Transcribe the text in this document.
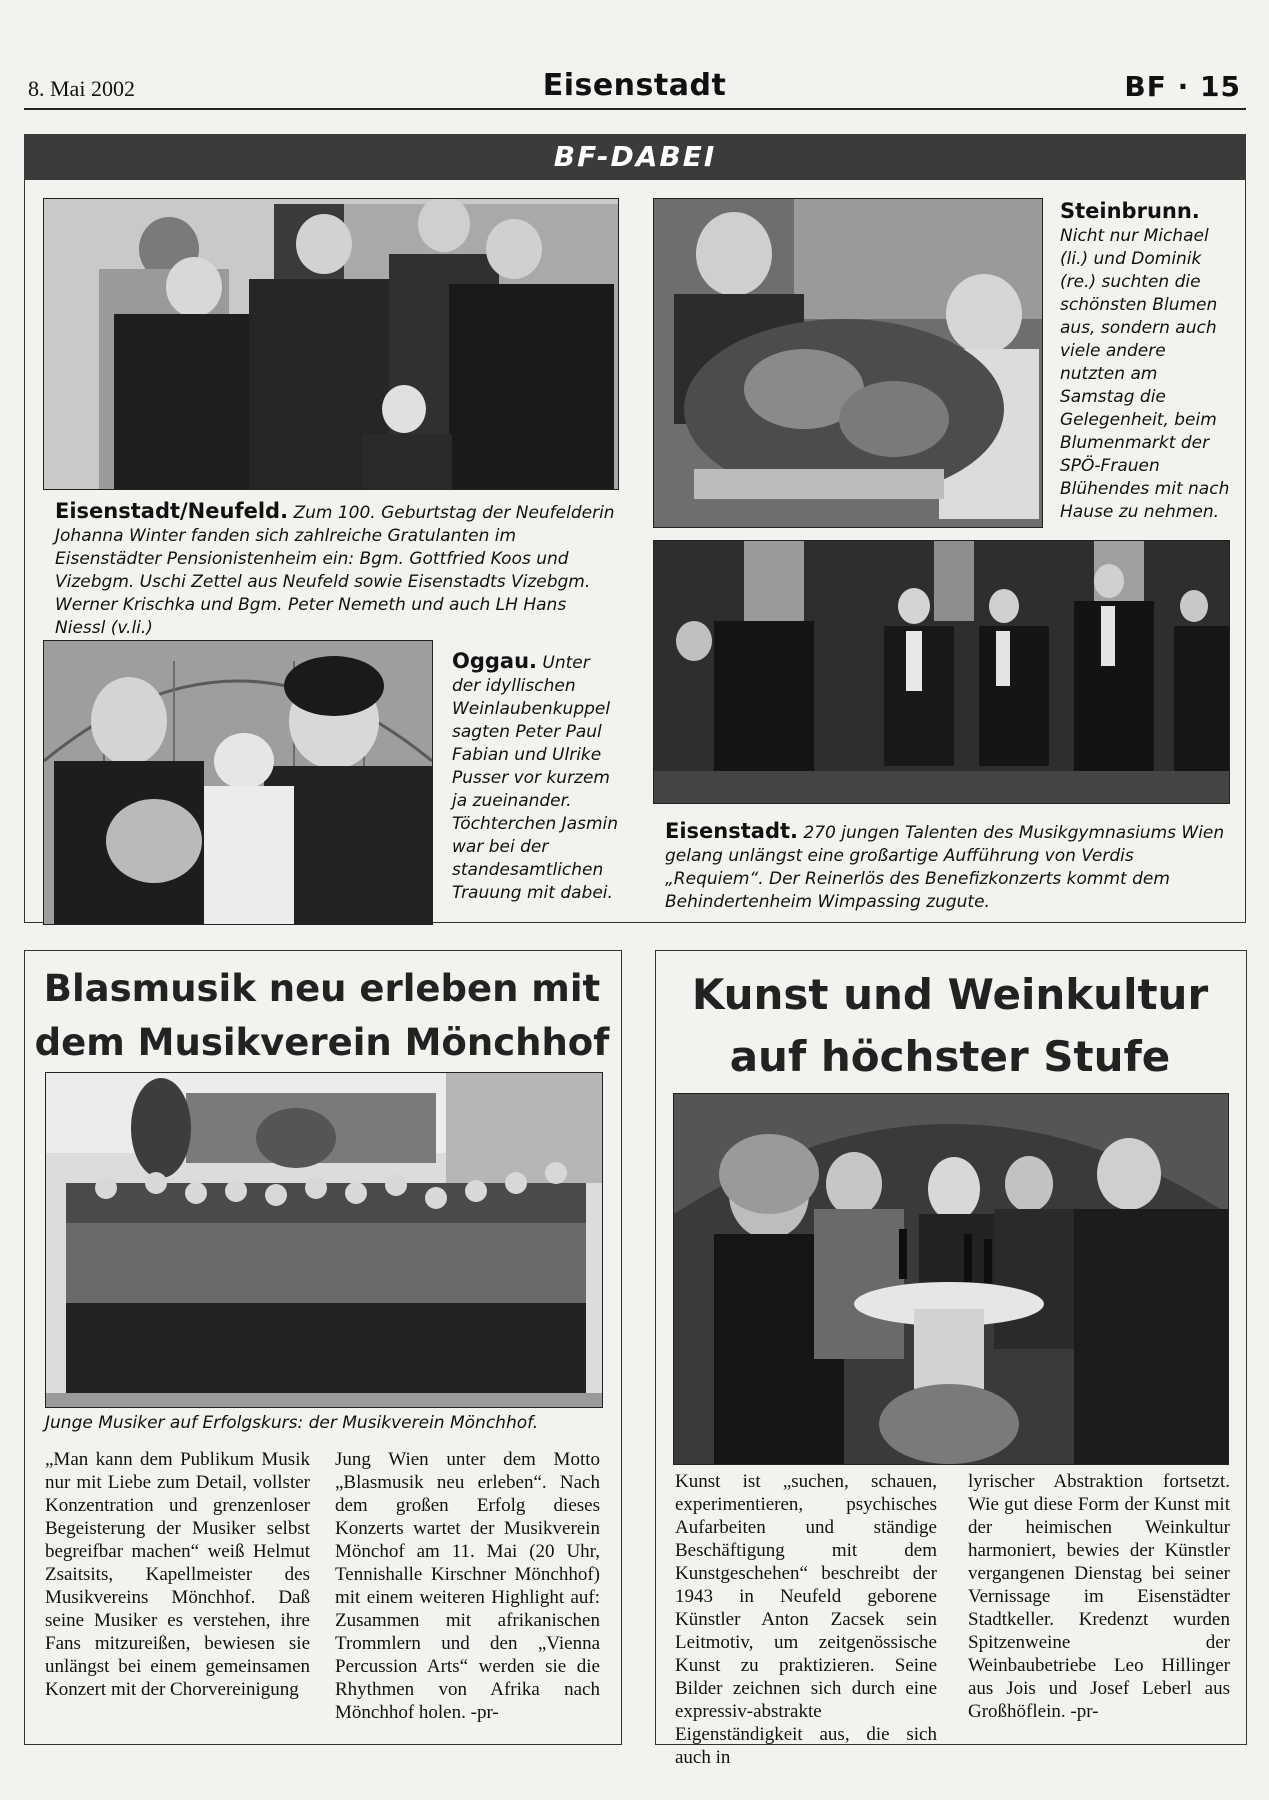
8. Mai 2002	Eisenstadt	BF · 15
BF-DABEI
Eisenstadt/Neufeld. Zum 100. Geburtstag der Neufelderin Johanna Winter fanden sich zahlreiche Gratulanten im Eisenstädter Pensionistenheim ein: Bgm. Gottfried Koos und Vizebgm. Uschi Zettel aus Neufeld sowie Eisenstadts Vizebgm. Werner Krischka und Bgm. Peter Nemeth und auch LH Hans Niessl (v.li.)
Steinbrunn.
Nicht nur Michael (li.) und Dominik (re.) suchten die schönsten Blumen aus, sondern auch viele andere nutzten am Samstag die Gelegenheit, beim Blumenmarkt der SPÖ-Frauen Blühendes mit nach Hause zu nehmen.
Oggau. Unter der idyllischen Weinlaubenkuppel sagten Peter Paul Fabian und Ulrike Pusser vor kurzem ja zueinander. Töchterchen Jasmin war bei der standesamtlichen Trauung mit dabei.
Eisenstadt. 270 jungen Talenten des Musikgymnasiums Wien gelang unlängst eine großartige Aufführung von Verdis „Requiem“. Der Reinerlös des Benefizkonzerts kommt dem Behindertenheim Wimpassing zugute.
Blasmusik neu erleben mit
dem Musikverein Mönchhof
Junge Musiker auf Erfolgskurs: der Musikverein Mönchhof.
„Man kann dem Publikum Musik nur mit Liebe zum Detail, vollster Konzentration und grenzenloser Begeisterung der Musiker selbst begreifbar machen“ weiß Helmut Zsaitsits, Kapellmeister des Musikvereins Mönchhof. Daß seine Musiker es verstehen, ihre Fans mitzureißen, bewiesen sie unlängst bei einem gemeinsamen Konzert mit der Chorvereinigung
Jung Wien unter dem Motto „Blasmusik neu erleben“. Nach dem großen Erfolg dieses Konzerts wartet der Musikverein Mönchof am 11. Mai (20 Uhr, Tennishalle Kirschner Mönchhof) mit einem weiteren Highlight auf: Zusammen mit afrikanischen Trommlern und den „Vienna Percussion Arts“ werden sie die Rhythmen von Afrika nach Mönchhof holen. -pr-
Kunst und Weinkultur
auf höchster Stufe
Kunst ist „suchen, schauen, experimentieren, psychisches Aufarbeiten und ständige Beschäftigung mit dem Kunstgeschehen“ beschreibt der 1943 in Neufeld geborene Künstler Anton Zacsek sein Leitmotiv, um zeitgenössische Kunst zu praktizieren. Seine Bilder zeichnen sich durch eine expressiv-abstrakte Eigenständigkeit aus, die sich auch in
lyrischer Abstraktion fortsetzt. Wie gut diese Form der Kunst mit der heimischen Weinkultur harmoniert, bewies der Künstler vergangenen Dienstag bei seiner Vernissage im Eisenstädter Stadtkeller. Kredenzt wurden Spitzenweine der Weinbaubetriebe Leo Hillinger aus Jois und Josef Leberl aus Großhöflein. -pr-
